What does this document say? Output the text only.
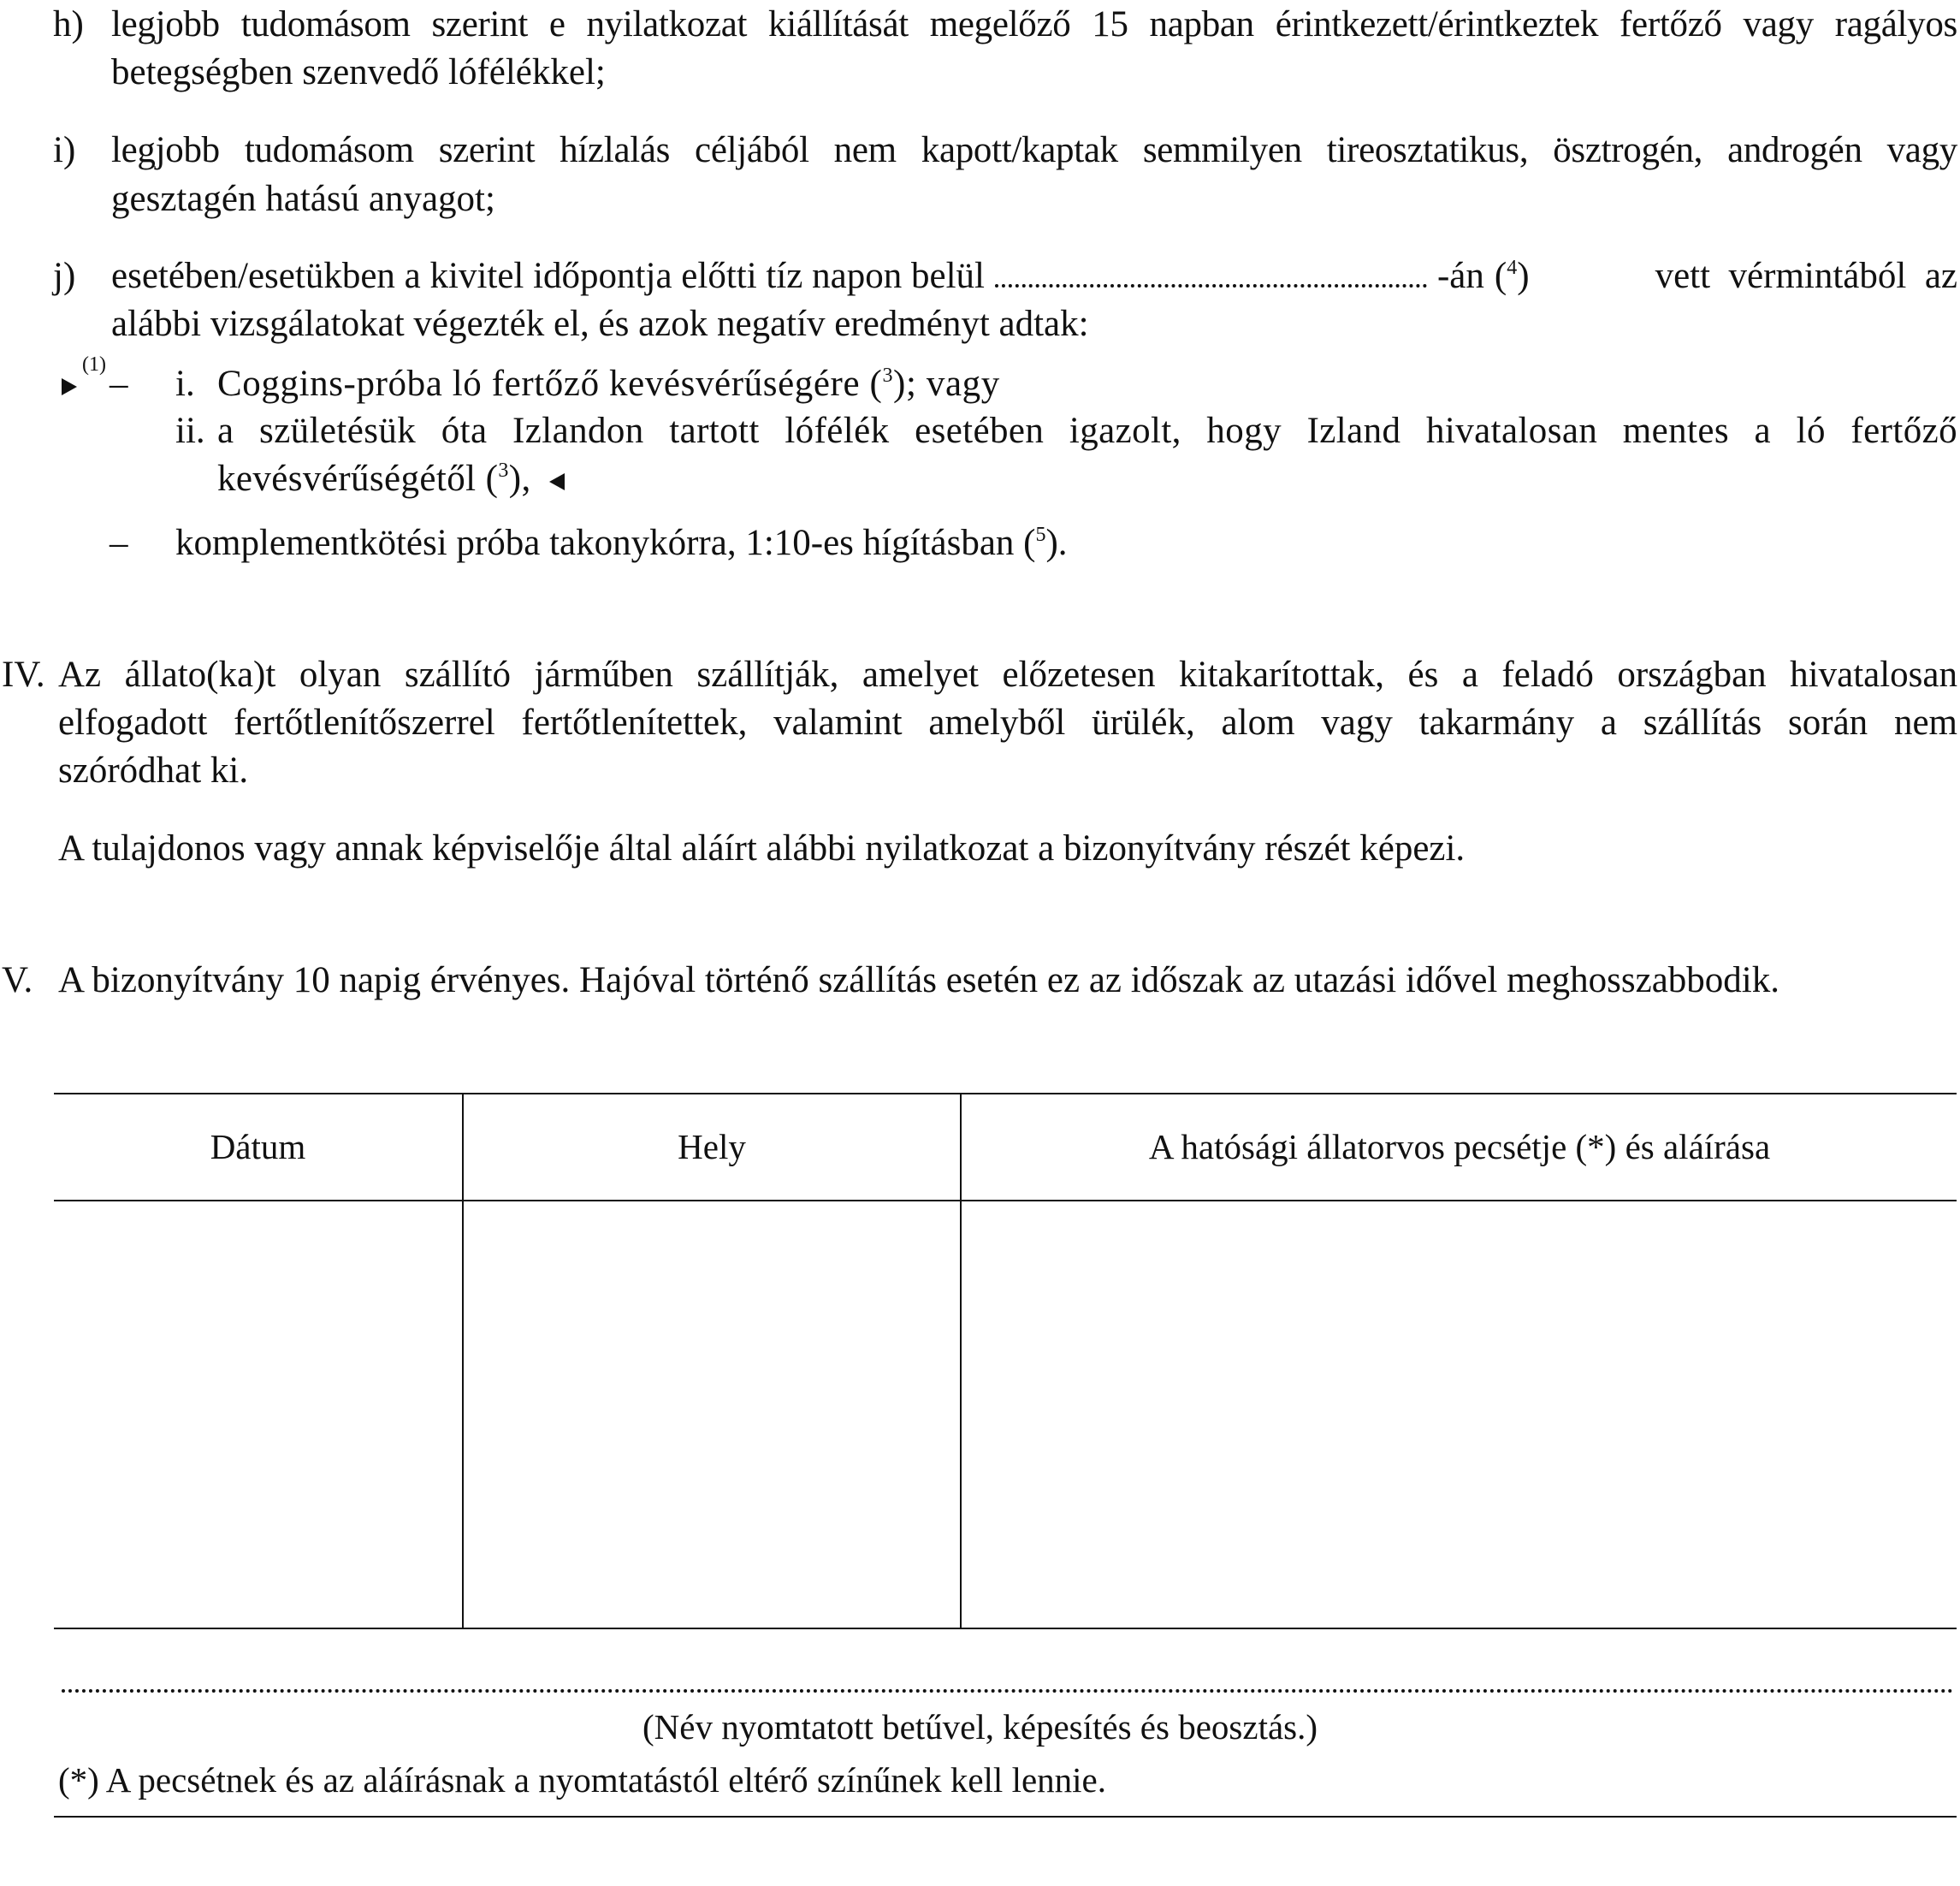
h) legjobb tudomásom szerint e nyilatkozat kiállítását megelőző 15 napban érintkezett/érintkeztek fertőző vagy ragályos
betegségben szenvedő lófélékkel;
i) legjobb tudomásom szerint hízlalás céljából nem kapott/kaptak semmilyen tireosztatikus, ösztrogén, androgén vagy
gesztagén hatású anyagot;
j) esetében/esetükben a kivitel időpontja előtti tíz napon belül	-án ($^4$)	vett  vérmintából  az
alábbi vizsgálatokat végezték el, és azok negatív eredményt adtak:
(1) – i. Coggins-próba ló fertőző kevésvérűségére ($^3$); vagy
ii. a születésük óta Izlandon tartott lófélék esetében igazolt, hogy Izland hivatalosan mentes a ló fertőző
kevésvérűségétől ($^3$),
– komplementkötési próba takonykórra, 1:10-es hígításban ($^5$).
IV. Az állato(ka)t olyan szállító járműben szállítják, amelyet előzetesen kitakarítottak, és a feladó országban hivatalosan
elfogadott fertőtlenítőszerrel fertőtlenítettek, valamint amelyből ürülék, alom vagy takarmány a szállítás során nem
szóródhat ki.
A tulajdonos vagy annak képviselője által aláírt alábbi nyilatkozat a bizonyítvány részét képezi.
V. A bizonyítvány 10 napig érvényes. Hajóval történő szállítás esetén ez az időszak az utazási idővel meghosszabbodik.
Dátum	Hely	A hatósági állatorvos pecsétje (*) és aláírása
(Név nyomtatott betűvel, képesítés és beosztás.)
(*) A pecsétnek és az aláírásnak a nyomtatástól eltérő színűnek kell lennie.
